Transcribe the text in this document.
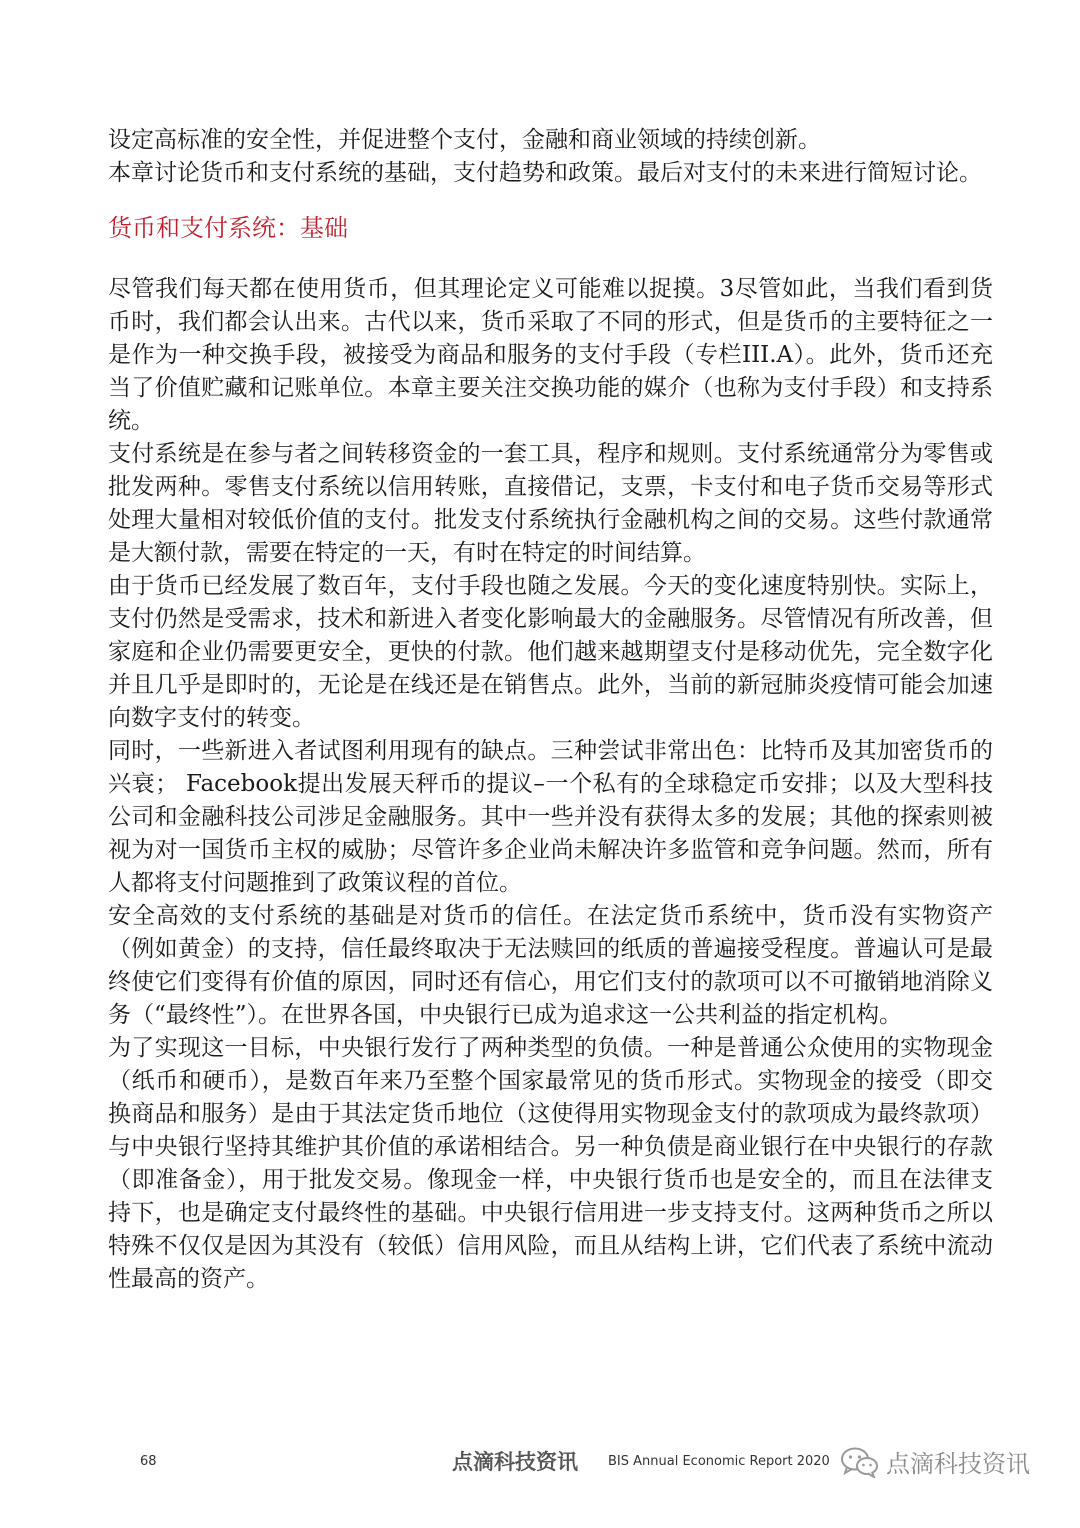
设定高标准的安全性，并促进整个支付，金融和商业领域的持续创新。

本章讨论货币和支付系统的基础，支付趋势和政策。最后对支付的未来进行简短讨论。

货币和支付系统：基础

尽管我们每天都在使用货币，但其理论定义可能难以捉摸。3尽管如此，当我们看到货币时，我们都会认出来。古代以来，货币采取了不同的形式，但是货币的主要特征之一是作为一种交换手段，被接受为商品和服务的支付手段（专栏III.A）。此外，货币还充当了价值贮藏和记账单位。本章主要关注交换功能的媒介（也称为支付手段）和支持系统。

支付系统是在参与者之间转移资金的一套工具，程序和规则。支付系统通常分为零售或批发两种。零售支付系统以信用转账，直接借记，支票，卡支付和电子货币交易等形式处理大量相对较低价值的支付。批发支付系统执行金融机构之间的交易。这些付款通常是大额付款，需要在特定的一天，有时在特定的时间结算。

由于货币已经发展了数百年，支付手段也随之发展。今天的变化速度特别快。实际上，支付仍然是受需求，技术和新进入者变化影响最大的金融服务。尽管情况有所改善，但家庭和企业仍需要更安全，更快的付款。他们越来越期望支付是移动优先，完全数字化并且几乎是即时的，无论是在线还是在销售点。此外，当前的新冠肺炎疫情可能会加速向数字支付的转变。

同时，一些新进入者试图利用现有的缺点。三种尝试非常出色：比特币及其加密货币的兴衰； Facebook提出发展天秤币的提议–一个私有的全球稳定币安排；以及大型科技公司和金融科技公司涉足金融服务。其中一些并没有获得太多的发展；其他的探索则被视为对一国货币主权的威胁；尽管许多企业尚未解决许多监管和竞争问题。然而，所有人都将支付问题推到了政策议程的首位。

安全高效的支付系统的基础是对货币的信任。在法定货币系统中，货币没有实物资产（例如黄金）的支持，信任最终取决于无法赎回的纸质的普遍接受程度。普遍认可是最终使它们变得有价值的原因，同时还有信心，用它们支付的款项可以不可撤销地消除义务（“最终性”）。在世界各国，中央银行已成为追求这一公共利益的指定机构。

为了实现这一目标，中央银行发行了两种类型的负债。一种是普通公众使用的实物现金（纸币和硬币），是数百年来乃至整个国家最常见的货币形式。实物现金的接受（即交换商品和服务）是由于其法定货币地位（这使得用实物现金支付的款项成为最终款项）与中央银行坚持其维护其价值的承诺相结合。另一种负债是商业银行在中央银行的存款（即准备金），用于批发交易。像现金一样，中央银行货币也是安全的，而且在法律支持下，也是确定支付最终性的基础。中央银行信用进一步支持支付。这两种货币之所以特殊不仅仅是因为其没有（较低）信用风险，而且从结构上讲，它们代表了系统中流动性最高的资产。

68	点滴科技资讯 BIS Annual Economic Report 2020 点滴科技资讯
